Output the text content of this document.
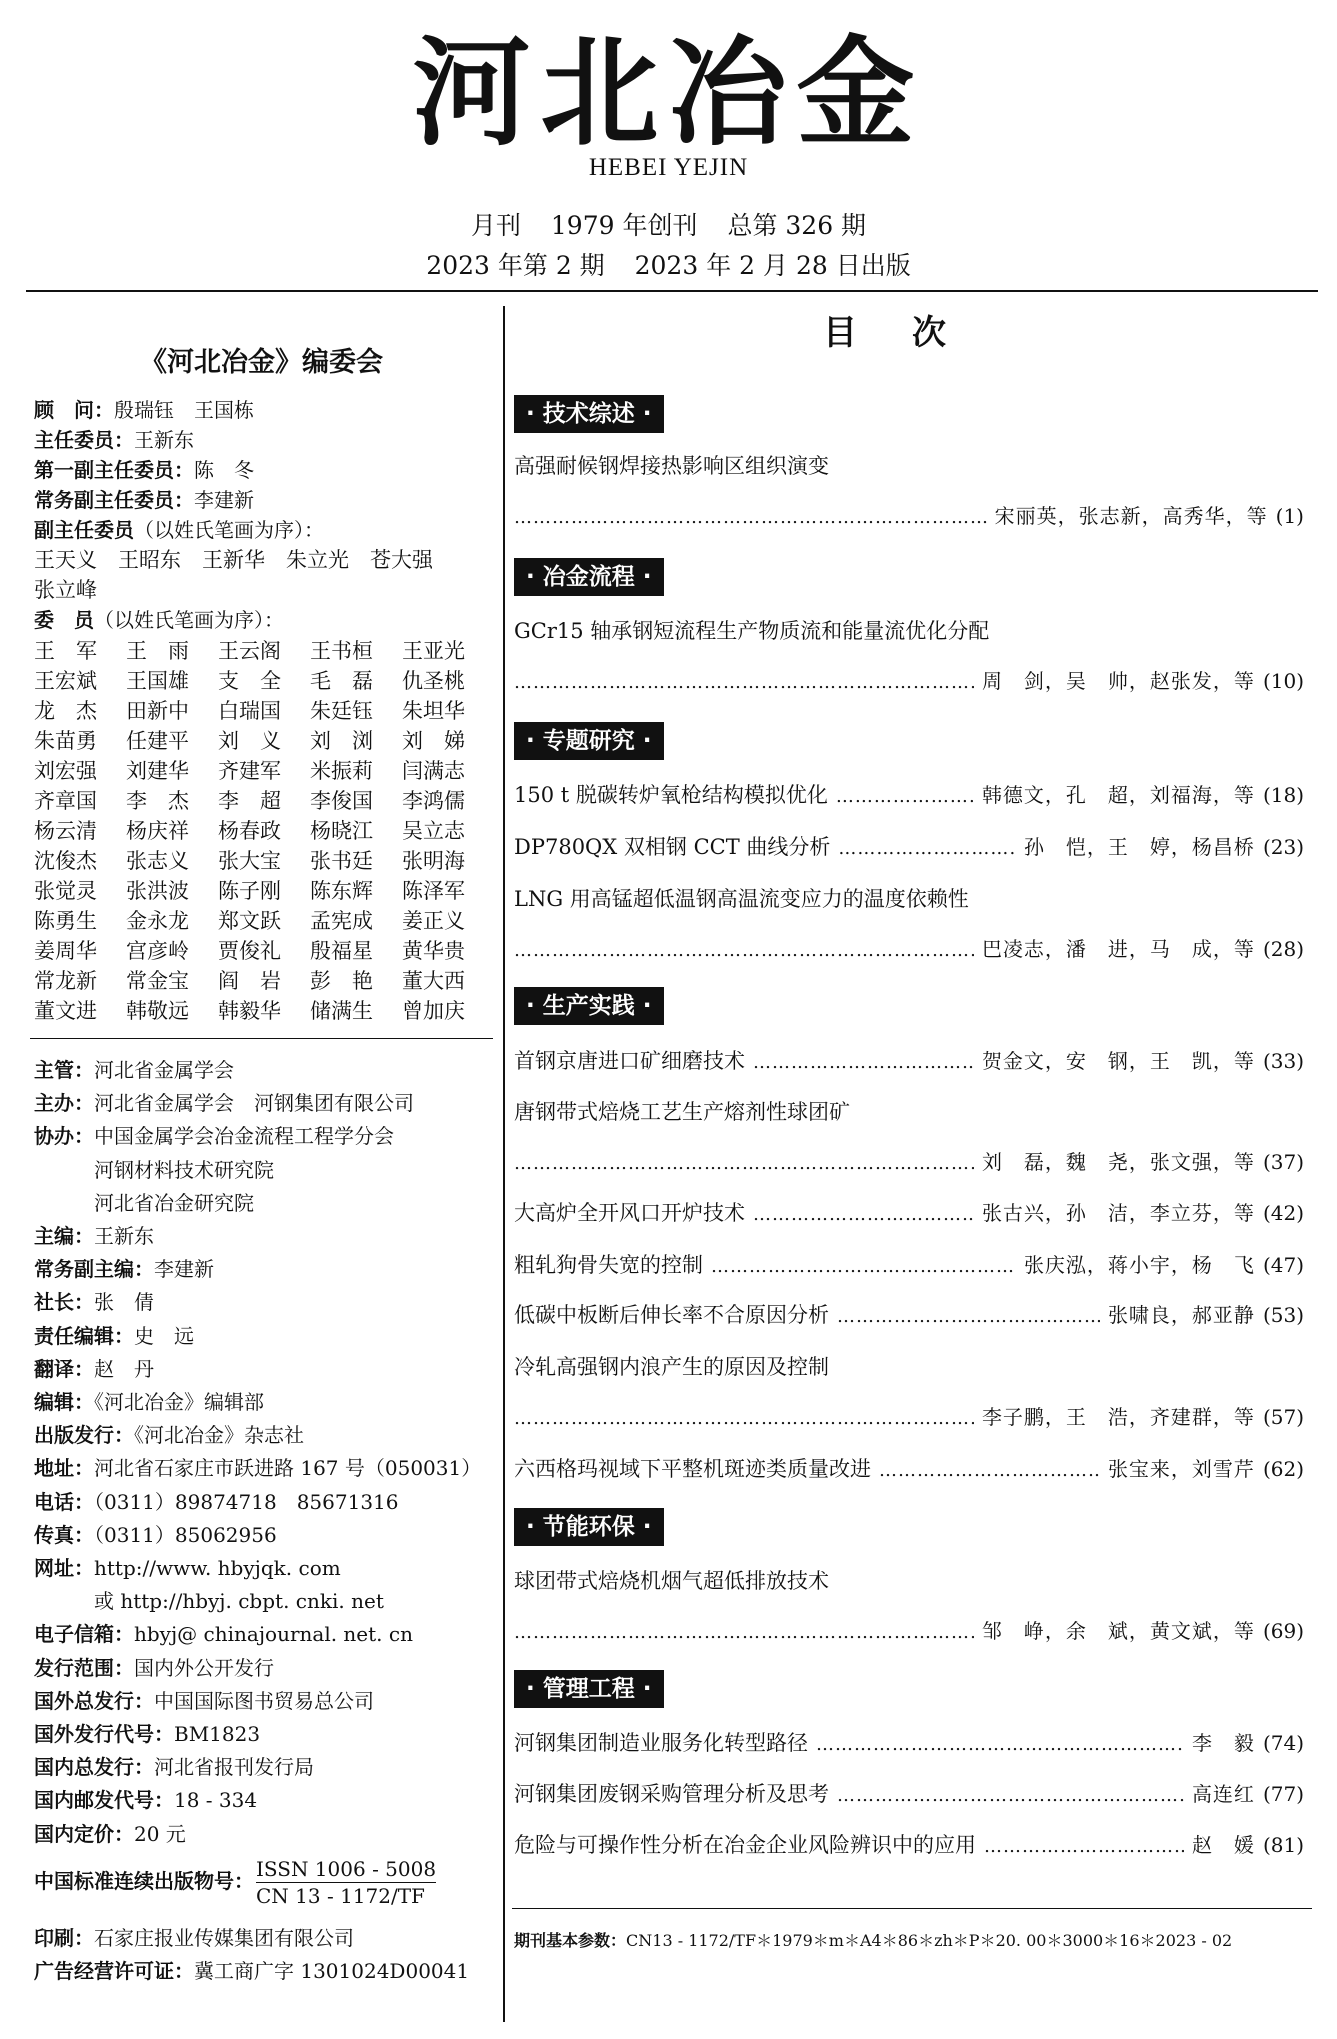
河北冶金
HEBEI YEJIN
月刊 1979 年创刊 总第 326 期
2023 年第 2 期 2023 年 2 月 28 日出版
《河北冶金》编委会
顾　问：殷瑞钰　王国栋
主任委员：王新东
第一副主任委员：陈　冬
常务副主任委员：李建新
副主任委员（以姓氏笔画为序）：
王天义　王昭东　王新华　朱立光　苍大强
张立峰
委　员（以姓氏笔画为序）：
王　军	王　雨	王云阁	王书桓	王亚光
王宏斌	王国雄	支　全	毛　磊	仇圣桃
龙　杰	田新中	白瑞国	朱廷钰	朱坦华
朱苗勇	任建平	刘　义	刘　浏	刘　娣
刘宏强	刘建华	齐建军	米振莉	闫满志
齐章国	李　杰	李　超	李俊国	李鸿儒
杨云清	杨庆祥	杨春政	杨晓江	吴立志
沈俊杰	张志义	张大宝	张书廷	张明海
张觉灵	张洪波	陈子刚	陈东辉	陈泽军
陈勇生	金永龙	郑文跃	孟宪成	姜正义
姜周华	宫彦岭	贾俊礼	殷福星	黄华贵
常龙新	常金宝	阎　岩	彭　艳	董大西
董文进	韩敬远	韩毅华	储满生	曾加庆
主管：河北省金属学会
主办：河北省金属学会　河钢集团有限公司
协办：中国金属学会冶金流程工程学分会
　　　河钢材料技术研究院
　　　河北省冶金研究院
主编：王新东
常务副主编：李建新
社长：张　倩
责任编辑：史　远
翻译：赵　丹
编辑：《河北冶金》编辑部
出版发行：《河北冶金》杂志社
地址：河北省石家庄市跃进路 167 号（050031）
电话：（0311）89874718　85671316
传真：（0311）85062956
网址：http://www. hbyjqk. com
　　　或 http://hbyj. cbpt. cnki. net
电子信箱：hbyj@ chinajournal. net. cn
发行范围：国内外公开发行
国外总发行：中国国际图书贸易总公司
国外发行代号：BM1823
国内总发行：河北省报刊发行局
国内邮发代号：18 - 334
国内定价：20 元
中国标准连续出版物号： $\frac{\text{ISSN 1006 - 5008}}{CN 13 - 1172/TF}$
印刷：石家庄报业传媒集团有限公司
广告经营许可证：冀工商广字 1301024D00041
目次
· 技术综述 ·
高强耐候钢焊接热影响区组织演变
……………………………………………………………………………………………………………………………………
宋丽英，张志新，高秀华，等 (1)
· 冶金流程 ·
GCr15 轴承钢短流程生产物质流和能量流优化分配
……………………………………………………………………………………………………………………………………
周　剑，吴　帅，赵张发，等 (10)
· 专题研究 ·
150 t 脱碳转炉氧枪结构模拟优化 ……………………………………………………………………………………………………………………………………	韩德文，孔　超，刘福海，等 (18)
DP780QX 双相钢 CCT 曲线分析 ……………………………………………………………………………………………………………………………………	孙　恺，王　婷，杨昌桥 (23)
LNG 用高锰超低温钢高温流变应力的温度依赖性
……………………………………………………………………………………………………………………………………
巴凌志，潘　进，马　成，等 (28)
· 生产实践 ·
首钢京唐进口矿细磨技术 ……………………………………………………………………………………………………………………………………	贺金文，安　钢，王　凯，等 (33)
唐钢带式焙烧工艺生产熔剂性球团矿
……………………………………………………………………………………………………………………………………
刘　磊，魏　尧，张文强，等 (37)
大高炉全开风口开炉技术 ……………………………………………………………………………………………………………………………………	张古兴，孙　洁，李立芬，等 (42)
粗轧狗骨失宽的控制 ……………………………………………………………………………………………………………………………………	张庆泓，蒋小宇，杨　飞 (47)
低碳中板断后伸长率不合原因分析 ……………………………………………………………………………………………………………………………………	张啸良，郝亚静 (53)
冷轧高强钢内浪产生的原因及控制
……………………………………………………………………………………………………………………………………
李子鹏，王　浩，齐建群，等 (57)
六西格玛视域下平整机斑迹类质量改进 ……………………………………………………………………………………………………………………………………	张宝来，刘雪芹 (62)
· 节能环保 ·
球团带式焙烧机烟气超低排放技术
……………………………………………………………………………………………………………………………………
邹　峥，余　斌，黄文斌，等 (69)
· 管理工程 ·
河钢集团制造业服务化转型路径 ……………………………………………………………………………………………………………………………………	李　毅 (74)
河钢集团废钢采购管理分析及思考 ……………………………………………………………………………………………………………………………………	高连红 (77)
危险与可操作性分析在冶金企业风险辨识中的应用 ……………………………………………………………………………………………………………………………………	赵　媛 (81)
期刊基本参数：CN13 - 1172/TF＊1979＊m＊A4＊86＊zh＊P＊20. 00＊3000＊16＊2023 - 02
